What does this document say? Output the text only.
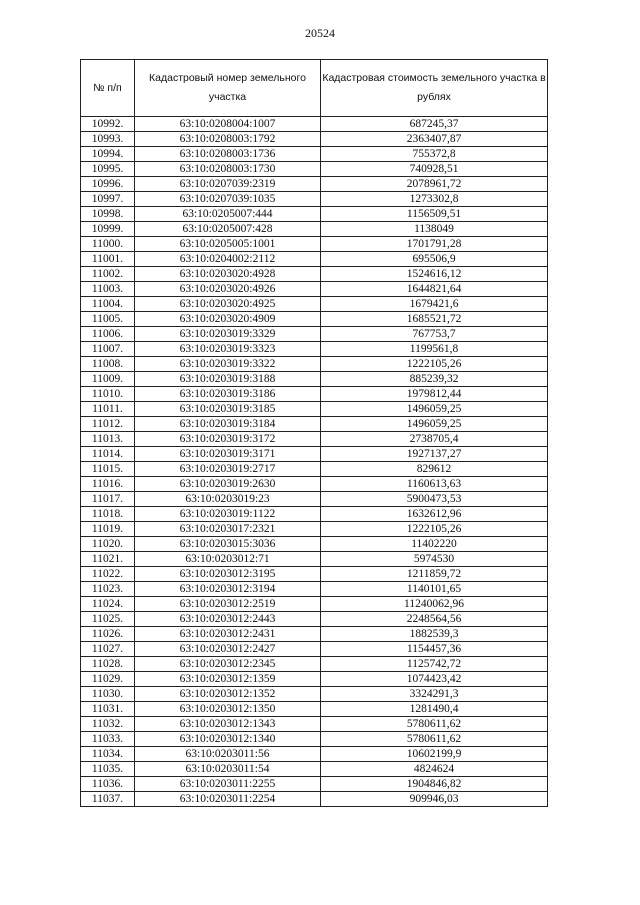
20524
№ п/п	Кадастровый номер земельного участка	Кадастровая стоимость земельного участка в рублях
10992.	63:10:0208004:1007	687245,37
10993.	63:10:0208003:1792	2363407,87
10994.	63:10:0208003:1736	755372,8
10995.	63:10:0208003:1730	740928,51
10996.	63:10:0207039:2319	2078961,72
10997.	63:10:0207039:1035	1273302,8
10998.	63:10:0205007:444	1156509,51
10999.	63:10:0205007:428	1138049
11000.	63:10:0205005:1001	1701791,28
11001.	63:10:0204002:2112	695506,9
11002.	63:10:0203020:4928	1524616,12
11003.	63:10:0203020:4926	1644821,64
11004.	63:10:0203020:4925	1679421,6
11005.	63:10:0203020:4909	1685521,72
11006.	63:10:0203019:3329	767753,7
11007.	63:10:0203019:3323	1199561,8
11008.	63:10:0203019:3322	1222105,26
11009.	63:10:0203019:3188	885239,32
11010.	63:10:0203019:3186	1979812,44
11011.	63:10:0203019:3185	1496059,25
11012.	63:10:0203019:3184	1496059,25
11013.	63:10:0203019:3172	2738705,4
11014.	63:10:0203019:3171	1927137,27
11015.	63:10:0203019:2717	829612
11016.	63:10:0203019:2630	1160613,63
11017.	63:10:0203019:23	5900473,53
11018.	63:10:0203019:1122	1632612,96
11019.	63:10:0203017:2321	1222105,26
11020.	63:10:0203015:3036	11402220
11021.	63:10:0203012:71	5974530
11022.	63:10:0203012:3195	1211859,72
11023.	63:10:0203012:3194	1140101,65
11024.	63:10:0203012:2519	11240062,96
11025.	63:10:0203012:2443	2248564,56
11026.	63:10:0203012:2431	1882539,3
11027.	63:10:0203012:2427	1154457,36
11028.	63:10:0203012:2345	1125742,72
11029.	63:10:0203012:1359	1074423,42
11030.	63:10:0203012:1352	3324291,3
11031.	63:10:0203012:1350	1281490,4
11032.	63:10:0203012:1343	5780611,62
11033.	63:10:0203012:1340	5780611,62
11034.	63:10:0203011:56	10602199,9
11035.	63:10:0203011:54	4824624
11036.	63:10:0203011:2255	1904846,82
11037.	63:10:0203011:2254	909946,03
